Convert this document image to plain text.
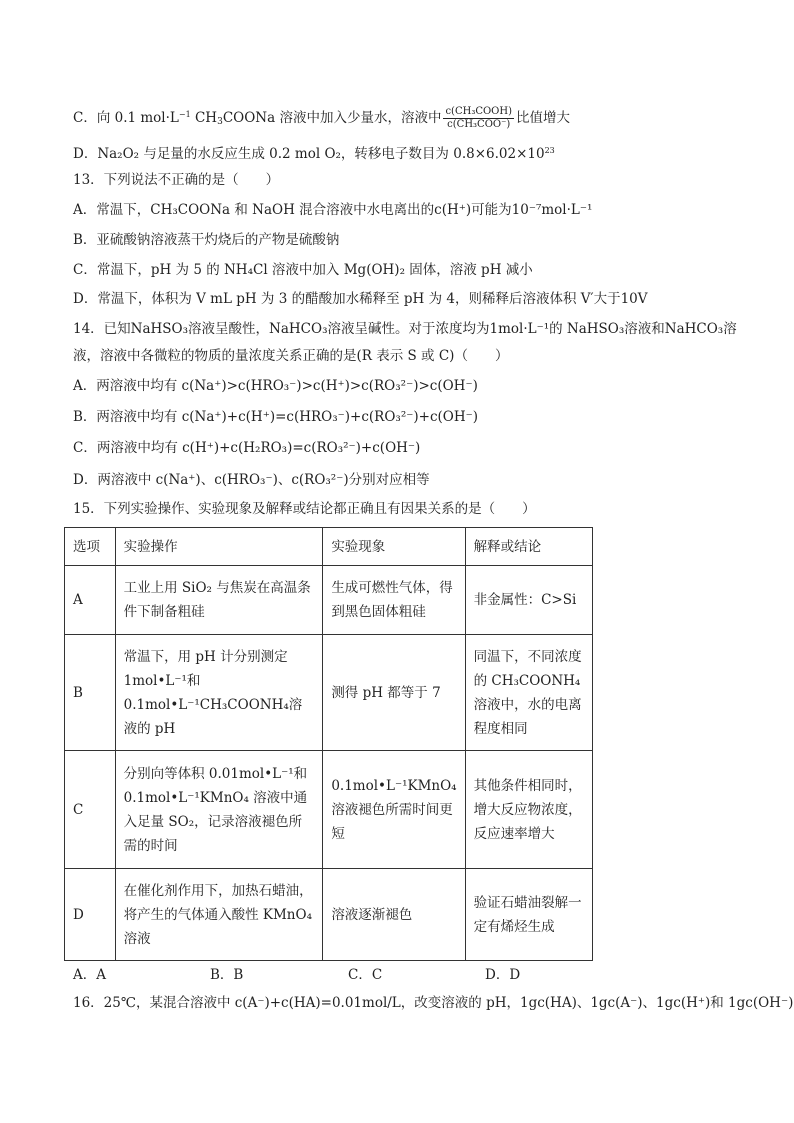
C．向 0.1 $mol\cdot L^{-1}$ $CH_3COONa$ 溶液中加入少量水，溶液中 $\frac{\text{c(CH₃COOH)}}{\text{c(CH₃COO⁻)}}$ 比值增大
D．Na₂O₂ 与足量的水反应生成 0.2 mol O₂，转移电子数目为 $0.8\times 6.02\times 10^{23}$
13．下列说法不正确的是（　　）
A．常温下，CH₃COONa 和 NaOH 混合溶液中水电离出的c(H⁺)可能为10⁻⁷mol·L⁻¹
B．亚硫酸钠溶液蒸干灼烧后的产物是硫酸钠
C．常温下，pH 为 5 的 NH₄Cl 溶液中加入 Mg(OH)₂ 固体，溶液 pH 减小
D．常温下，体积为 V mL pH 为 3 的醋酸加水稀释至 pH 为 4，则稀释后溶液体积 V′大于10V
14．已知NaHSO₃溶液呈酸性，NaHCO₃溶液呈碱性。对于浓度均为1mol·L⁻¹的 NaHSO₃溶液和NaHCO₃溶
液，溶液中各微粒的物质的量浓度关系正确的是(R 表示 S 或 C)（　　）
A．两溶液中均有 c(Na⁺)>c(HRO₃⁻)>c(H⁺)>c(RO₃²⁻)>c(OH⁻)
B．两溶液中均有 c(Na⁺)+c(H⁺)=c(HRO₃⁻)+c(RO₃²⁻)+c(OH⁻)
C．两溶液中均有 c(H⁺)+c(H₂RO₃)=c(RO₃²⁻)+c(OH⁻)
D．两溶液中 c(Na⁺)、c(HRO₃⁻)、c(RO₃²⁻)分别对应相等
15．下列实验操作、实验现象及解释或结论都正确且有因果关系的是（　　）
选项	实验操作	实验现象	解释或结论
A	工业上用 SiO₂ 与焦炭在高温条件下制备粗硅	生成可燃性气体，得到黑色固体粗硅	非金属性：C>Si
B	常温下，用 pH 计分别测定 1mol•L⁻¹和 0.1mol•L⁻¹CH₃COONH₄溶液的 pH	测得 pH 都等于 7	同温下，不同浓度的 CH₃COONH₄ 溶液中，水的电离程度相同
C	分别向等体积 0.01mol•L⁻¹和 0.1mol•L⁻¹KMnO₄ 溶液中通入足量 SO₂，记录溶液褪色所需的时间	0.1mol•L⁻¹KMnO₄ 溶液褪色所需时间更短	其他条件相同时，增大反应物浓度，反应速率增大
D	在催化剂作用下，加热石蜡油，将产生的气体通入酸性 KMnO₄ 溶液	溶液逐渐褪色	验证石蜡油裂解一定有烯烃生成
A．A	B．B	C．C	D．D
16．25℃，某混合溶液中 c(A⁻)+c(HA)=0.01mol/L，改变溶液的 pH，1gc(HA)、1gc(A⁻)、1gc(H⁺)和 1gc(OH⁻)
